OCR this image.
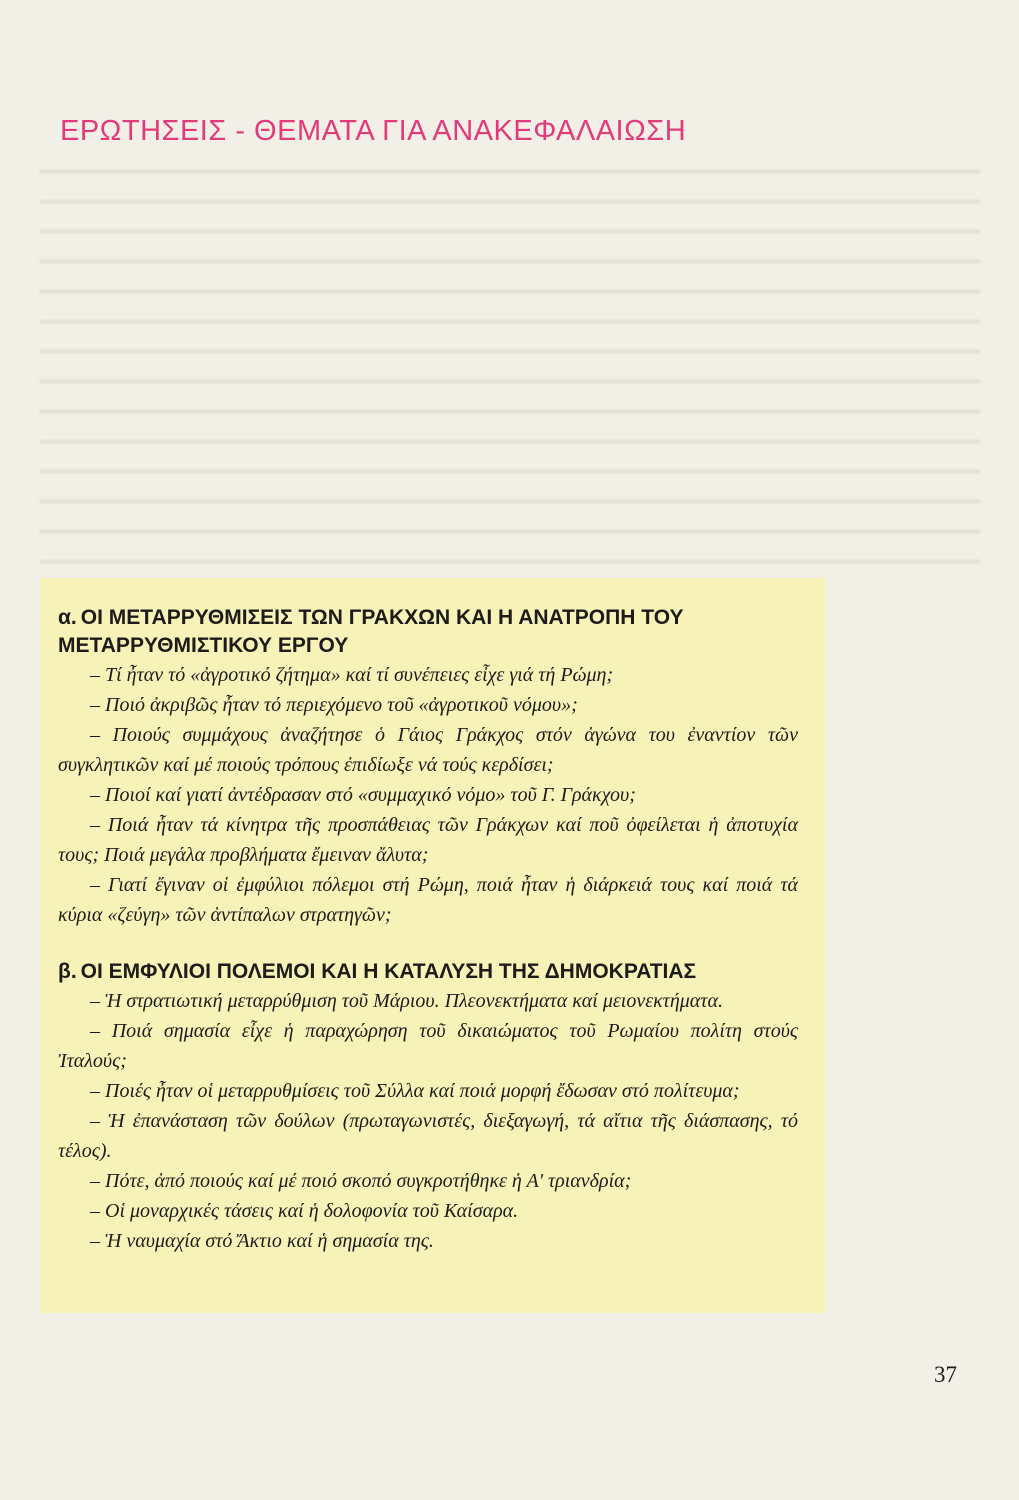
ΕΡΩΤΗΣΕΙΣ - ΘΕΜΑΤΑ ΓΙΑ ΑΝΑΚΕΦΑΛΑΙΩΣΗ
α. ΟΙ ΜΕΤΑΡΡΥΘΜΙΣΕΙΣ ΤΩΝ ΓΡΑΚΧΩΝ ΚΑΙ Η ΑΝΑΤΡΟΠΗ ΤΟΥ ΜΕΤΑΡΡΥΘΜΙΣΤΙΚΟΥ ΕΡΓΟΥ

– Τί ἦταν τό «ἀγροτικό ζήτημα» καί τί συνέπειες εἶχε γιά τή Ρώμη;

– Ποιό ἀκριβῶς ἦταν τό περιεχόμενο τοῦ «ἀγροτικοῦ νόμου»;

– Ποιούς συμμάχους ἀναζήτησε ὁ Γάιος Γράκχος στόν ἀγώνα του ἐναντίον τῶν συγκλητικῶν καί μέ ποιούς τρόπους ἐπιδίωξε νά τούς κερδίσει;

– Ποιοί καί γιατί ἀντέδρασαν στό «συμμαχικό νόμο» τοῦ Γ. Γράκχου;

– Ποιά ἦταν τά κίνητρα τῆς προσπάθειας τῶν Γράκχων καί ποῦ ὀφείλεται ἡ ἀποτυχία τους; Ποιά μεγάλα προβλήματα ἔμειναν ἄλυτα;

– Γιατί ἔγιναν οἱ ἐμφύλιοι πόλεμοι στή Ρώμη, ποιά ἦταν ἡ διάρκειά τους καί ποιά τά κύρια «ζεύγη» τῶν ἀντίπαλων στρατηγῶν;

β. ΟΙ ΕΜΦΥΛΙΟΙ ΠΟΛΕΜΟΙ ΚΑΙ Η ΚΑΤΑΛΥΣΗ ΤΗΣ ΔΗΜΟΚΡΑΤΙΑΣ

– Ἡ στρατιωτική μεταρρύθμιση τοῦ Μάριου. Πλεονεκτήματα καί μειονεκτήματα.

– Ποιά σημασία εἶχε ἡ παραχώρηση τοῦ δικαιώματος τοῦ Ρωμαίου πολίτη στούς Ἰταλούς;

– Ποιές ἦταν οἱ μεταρρυθμίσεις τοῦ Σύλλα καί ποιά μορφή ἔδωσαν στό πολίτευμα;

– Ἡ ἐπανάσταση τῶν δούλων (πρωταγωνιστές, διεξαγωγή, τά αἴτια τῆς διάσπασης, τό τέλος).

– Πότε, ἀπό ποιούς καί μέ ποιό σκοπό συγκροτήθηκε ἡ Α' τριανδρία;

– Οἱ μοναρχικές τάσεις καί ἡ δολοφονία τοῦ Καίσαρα.

– Ἡ ναυμαχία στό Ἄκτιο καί ἡ σημασία της.

37
